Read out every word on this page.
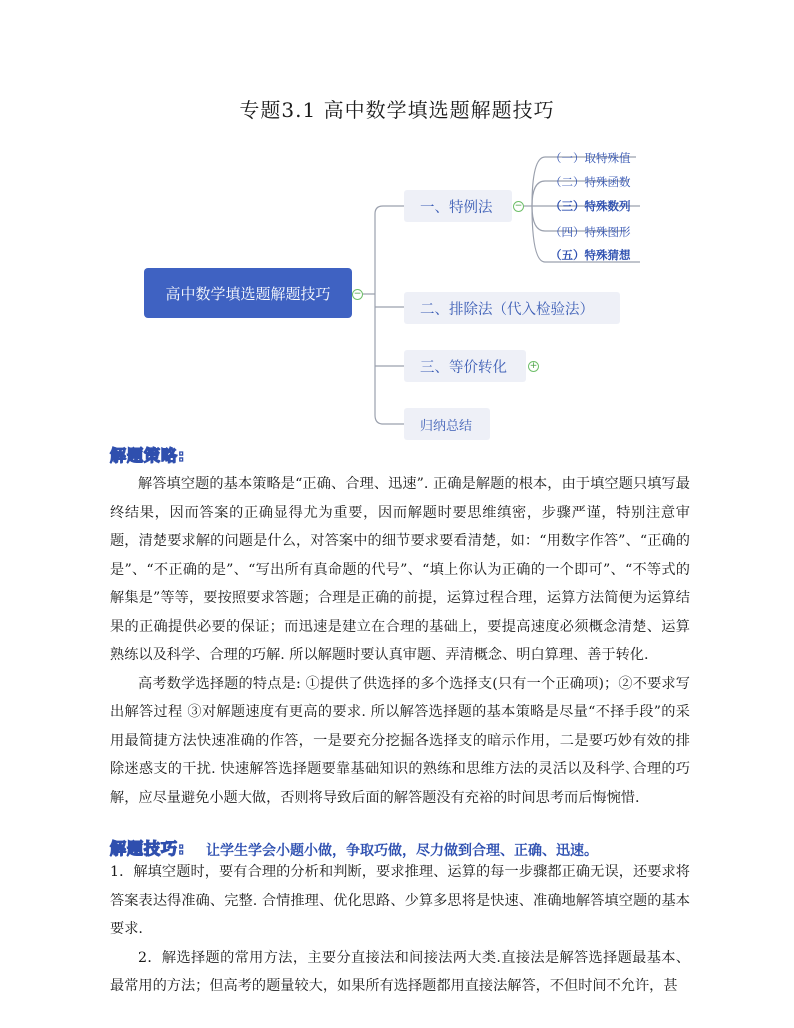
专题3.1 高中数学填选题解题技巧
高中数学填选题解题技巧	−
一、特例法	−
二、排除法（代入检验法）
三、等价转化	+
归纳总结
（一）取特殊值
（二）特殊函数
（三）特殊数列
（四）特殊图形
（五）特殊猜想
解题策略:

解答填空题的基本策略是“正确、合理、迅速”. 正确是解题的根本，由于填空题只填写最终结果，因而答案的正确显得尤为重要，因而解题时要思维缜密，步骤严谨，特别注意审题，清楚要求解的问题是什么，对答案中的细节要求要看清楚，如：“用数字作答”、“正确的是”、“不正确的是”、“写出所有真命题的代号”、“填上你认为正确的一个即可”、“不等式的解集是”等等，要按照要求答题；合理是正确的前提，运算过程合理，运算方法简便为运算结果的正确提供必要的保证；而迅速是建立在合理的基础上，要提高速度必须概念清楚、运算熟练以及科学、合理的巧解. 所以解题时要认真审题、弄清概念、明白算理、善于转化.

高考数学选择题的特点是: ①提供了供选择的多个选择支(只有一个正确项)；②不要求写出解答过程 ③对解题速度有更高的要求. 所以解答选择题的基本策略是尽量“不择手段”的采用最简捷方法快速准确的作答，一是要充分挖掘各选择支的暗示作用，二是要巧妙有效的排除迷惑支的干扰. 快速解答选择题要靠基础知识的熟练和思维方法的灵活以及科学､合理的巧解，应尽量避免小题大做，否则将导致后面的解答题没有充裕的时间思考而后悔惋惜.

解题技巧: 让学生学会小题小做，争取巧做，尽力做到合理、正确、迅速。

1．解填空题时，要有合理的分析和判断，要求推理、运算的每一步骤都正确无误，还要求将答案表达得准确、完整. 合情推理、优化思路、少算多思将是快速、准确地解答填空题的基本要求.

2．解选择题的常用方法，主要分直接法和间接法两大类.直接法是解答选择题最基本、最常用的方法；但高考的题量较大，如果所有选择题都用直接法解答，不但时间不允许，甚
